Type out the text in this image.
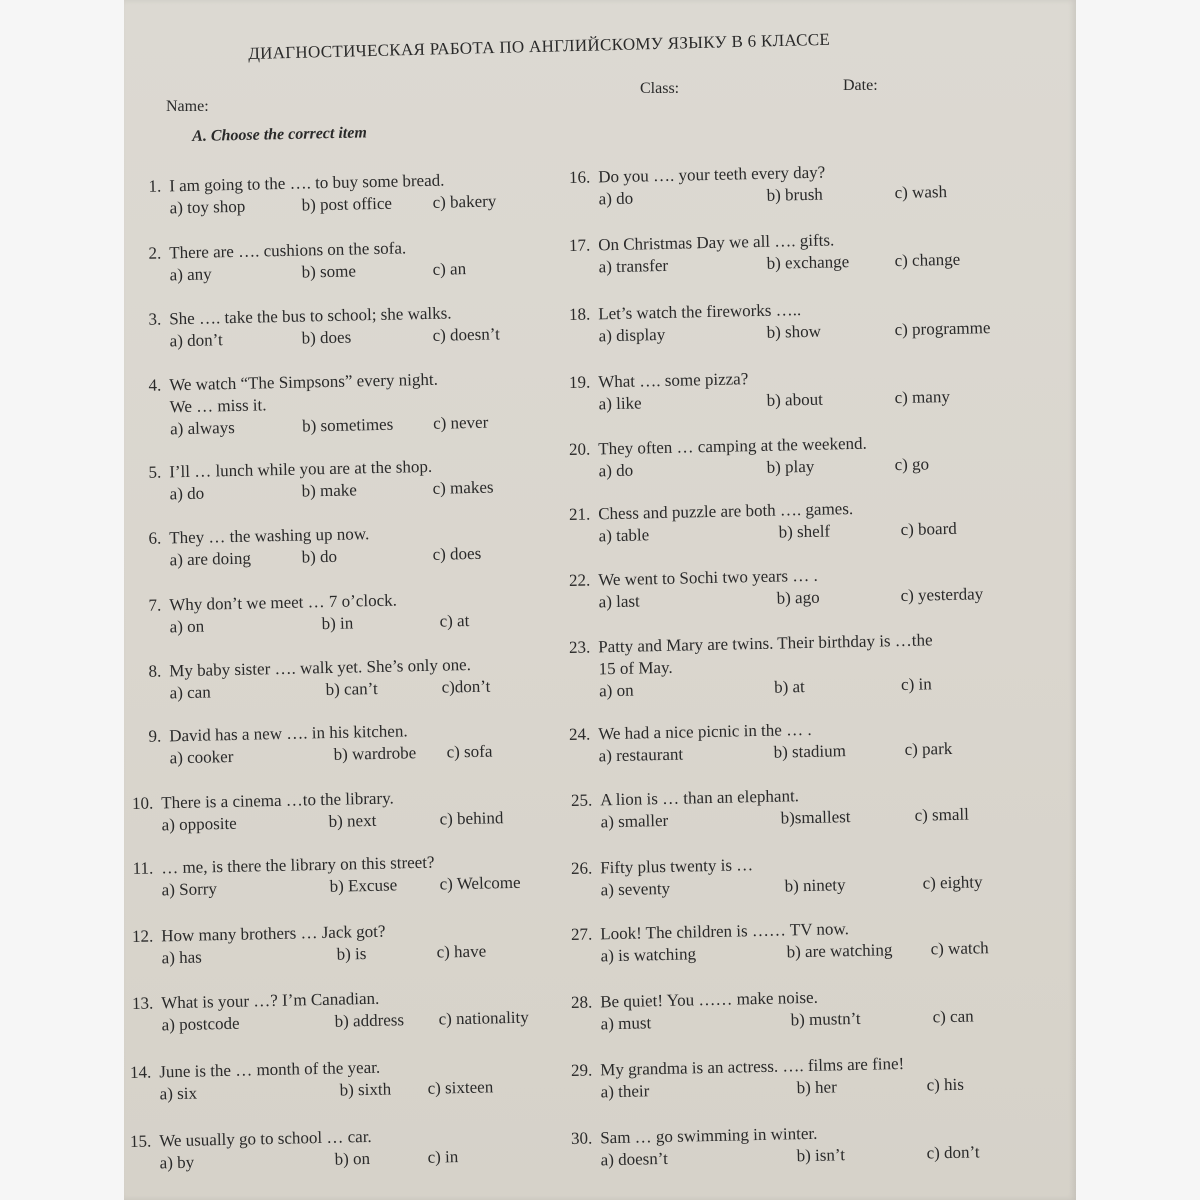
ДИАГНОСТИЧЕСКАЯ РАБОТА ПО АНГЛИЙСКОМУ ЯЗЫКУ В 6 КЛАССЕ
Name:
Class:	Date:
A. Choose the correct item
1. I am going to the …. to buy some bread.
a) toy shop	b) post office c) bakery
2. There are …. cushions on the sofa.
a) any	b) some	c) an
3. She …. take the bus to school; she walks.
a) don’t	b) does	c) doesn’t
4. We watch “The Simpsons” every night.
We … miss it.
a) always	b) sometimes c) never
5. I’ll … lunch while you are at the shop.
a) do	b) make	c) makes
6. They … the washing up now.
a) are doing	b) do	c) does
7. Why don’t we meet … 7 o’clock.
a) on	b) in	c) at
8. My baby sister …. walk yet. She’s only one.
a) can	b) can’t	c)don’t
9. David has a new …. in his kitchen.
a) cooker	b) wardrobe c) sofa
10. There is a cinema …to the library.
a) opposite	b) next	c) behind
11. … me, is there the library on this street?
a) Sorry	b) Excuse c) Welcome
12. How many brothers … Jack got?
a) has	b) is	c) have
13. What is your …? I’m Canadian.
a) postcode	b) address c) nationality
14. June is the … month of the year.
a) six	b) sixth c) sixteen
15. We usually go to school … car.
a) by	b) on	c) in
16. Do you …. your teeth every day?
a) do	b) brush	c) wash
17. On Christmas Day we all …. gifts.
a) transfer	b) exchange	c) change
18. Let’s watch the fireworks …..
a) display	b) show	c) programme
19. What …. some pizza?
a) like	b) about	c) many
20. They often … camping at the weekend.
a) do	b) play	c) go
21. Chess and puzzle are both …. games.
a) table	b) shelf	c) board
22. We went to Sochi two years … .
a) last	b) ago	c) yesterday
23. Patty and Mary are twins. Their birthday is …the
15 of May.
a) on	b) at	c) in
24. We had a nice picnic in the … .
a) restaurant	b) stadium	c) park
25. A lion is … than an elephant.
a) smaller	b)smallest	c) small
26. Fifty plus twenty is …
a) seventy	b) ninety	c) eighty
27. Look! The children is …… TV now.
a) is watching	b) are watching c) watch
28. Be quiet! You …… make noise.
a) must	b) mustn’t	c) can
29. My grandma is an actress. …. films are fine!
a) their	b) her	c) his
30. Sam … go swimming in winter.
a) doesn’t	b) isn’t	c) don’t
